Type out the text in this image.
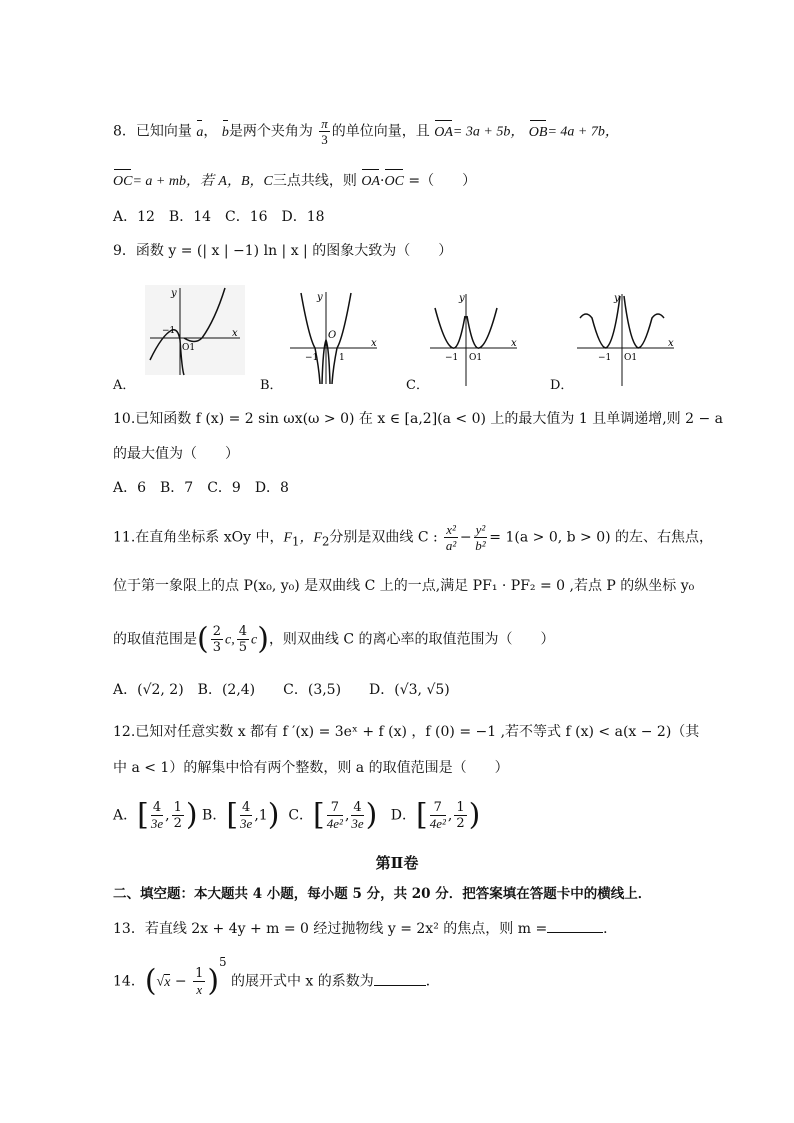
8．已知向量 a， b是两个夹角为 $\frac{\pi}{3}$ 的单位向量，且 OA= 3a + 5b， OB= 4a + 7b，
OC= a + mb，若 A，B，C三点共线，则 OA·OC =（　　）
A．12　B．14　C．16　D．18
9．函数 y = (| x | −1) ln | x | 的图象大致为（　　）
y
x
−1
O1
A．
y
x
O
−1 1
B．
y
x
−1 O1
C．
y
x
−1 O1
D．
10.已知函数 f (x) = 2 sin ωx(ω > 0) 在 x ∈ [a,2](a < 0) 上的最大值为 1 且单调递增,则 2 − a
的最大值为（　　）
A．6　B．7　C．9　D．8
11.在直角坐标系 xOy 中，$F_1$，$F_2$分别是双曲线 C : $\frac{\text{x²}}{\text{a²}} - \frac{\text{y²}}{\text{b²}} = 1(a > 0$, b > 0) 的左、右焦点，
位于第一象限上的点 P(x₀, y₀) 是双曲线 C 上的一点,满足 PF₁ · PF₂ = 0 ,若点 P 的纵坐标 y₀
的取值范围是( $\frac{2}{3} c$, $\frac{4}{5} c$)，则双曲线 C 的离心率的取值范围为（　　）
A．(√2, 2)　B．(2,4)　　C．(3,5)　　D．(√3, √5)
12.已知对任意实数 x 都有 f ′(x) = 3eˣ + f (x) ，f (0) = −1 ,若不等式 f (x) < a(x − 2)（其
中 a < 1）的解集中恰有两个整数，则 a 的取值范围是（　　）
A．[ $\frac{4}{3e}$ , $\frac{1}{2}$ ) B．[ $\frac{4}{3e} ,1$) C．[ $\frac{7}{\text{4e²}}$ , $\frac{4}{3e}$ ) D．[ $\frac{7}{\text{4e²}}$ , $\frac{1}{2}$ )
第Ⅱ卷
二、填空题：本大题共 4 小题，每小题 5 分，共 20 分．把答案填在答题卡中的横线上．
13．若直线 2x + 4y + m = 0 经过抛物线 y = 2x² 的焦点，则 m =	．
14．$(√x - \frac{1}{x} )^5$ 的展开式中 x 的系数为	．
